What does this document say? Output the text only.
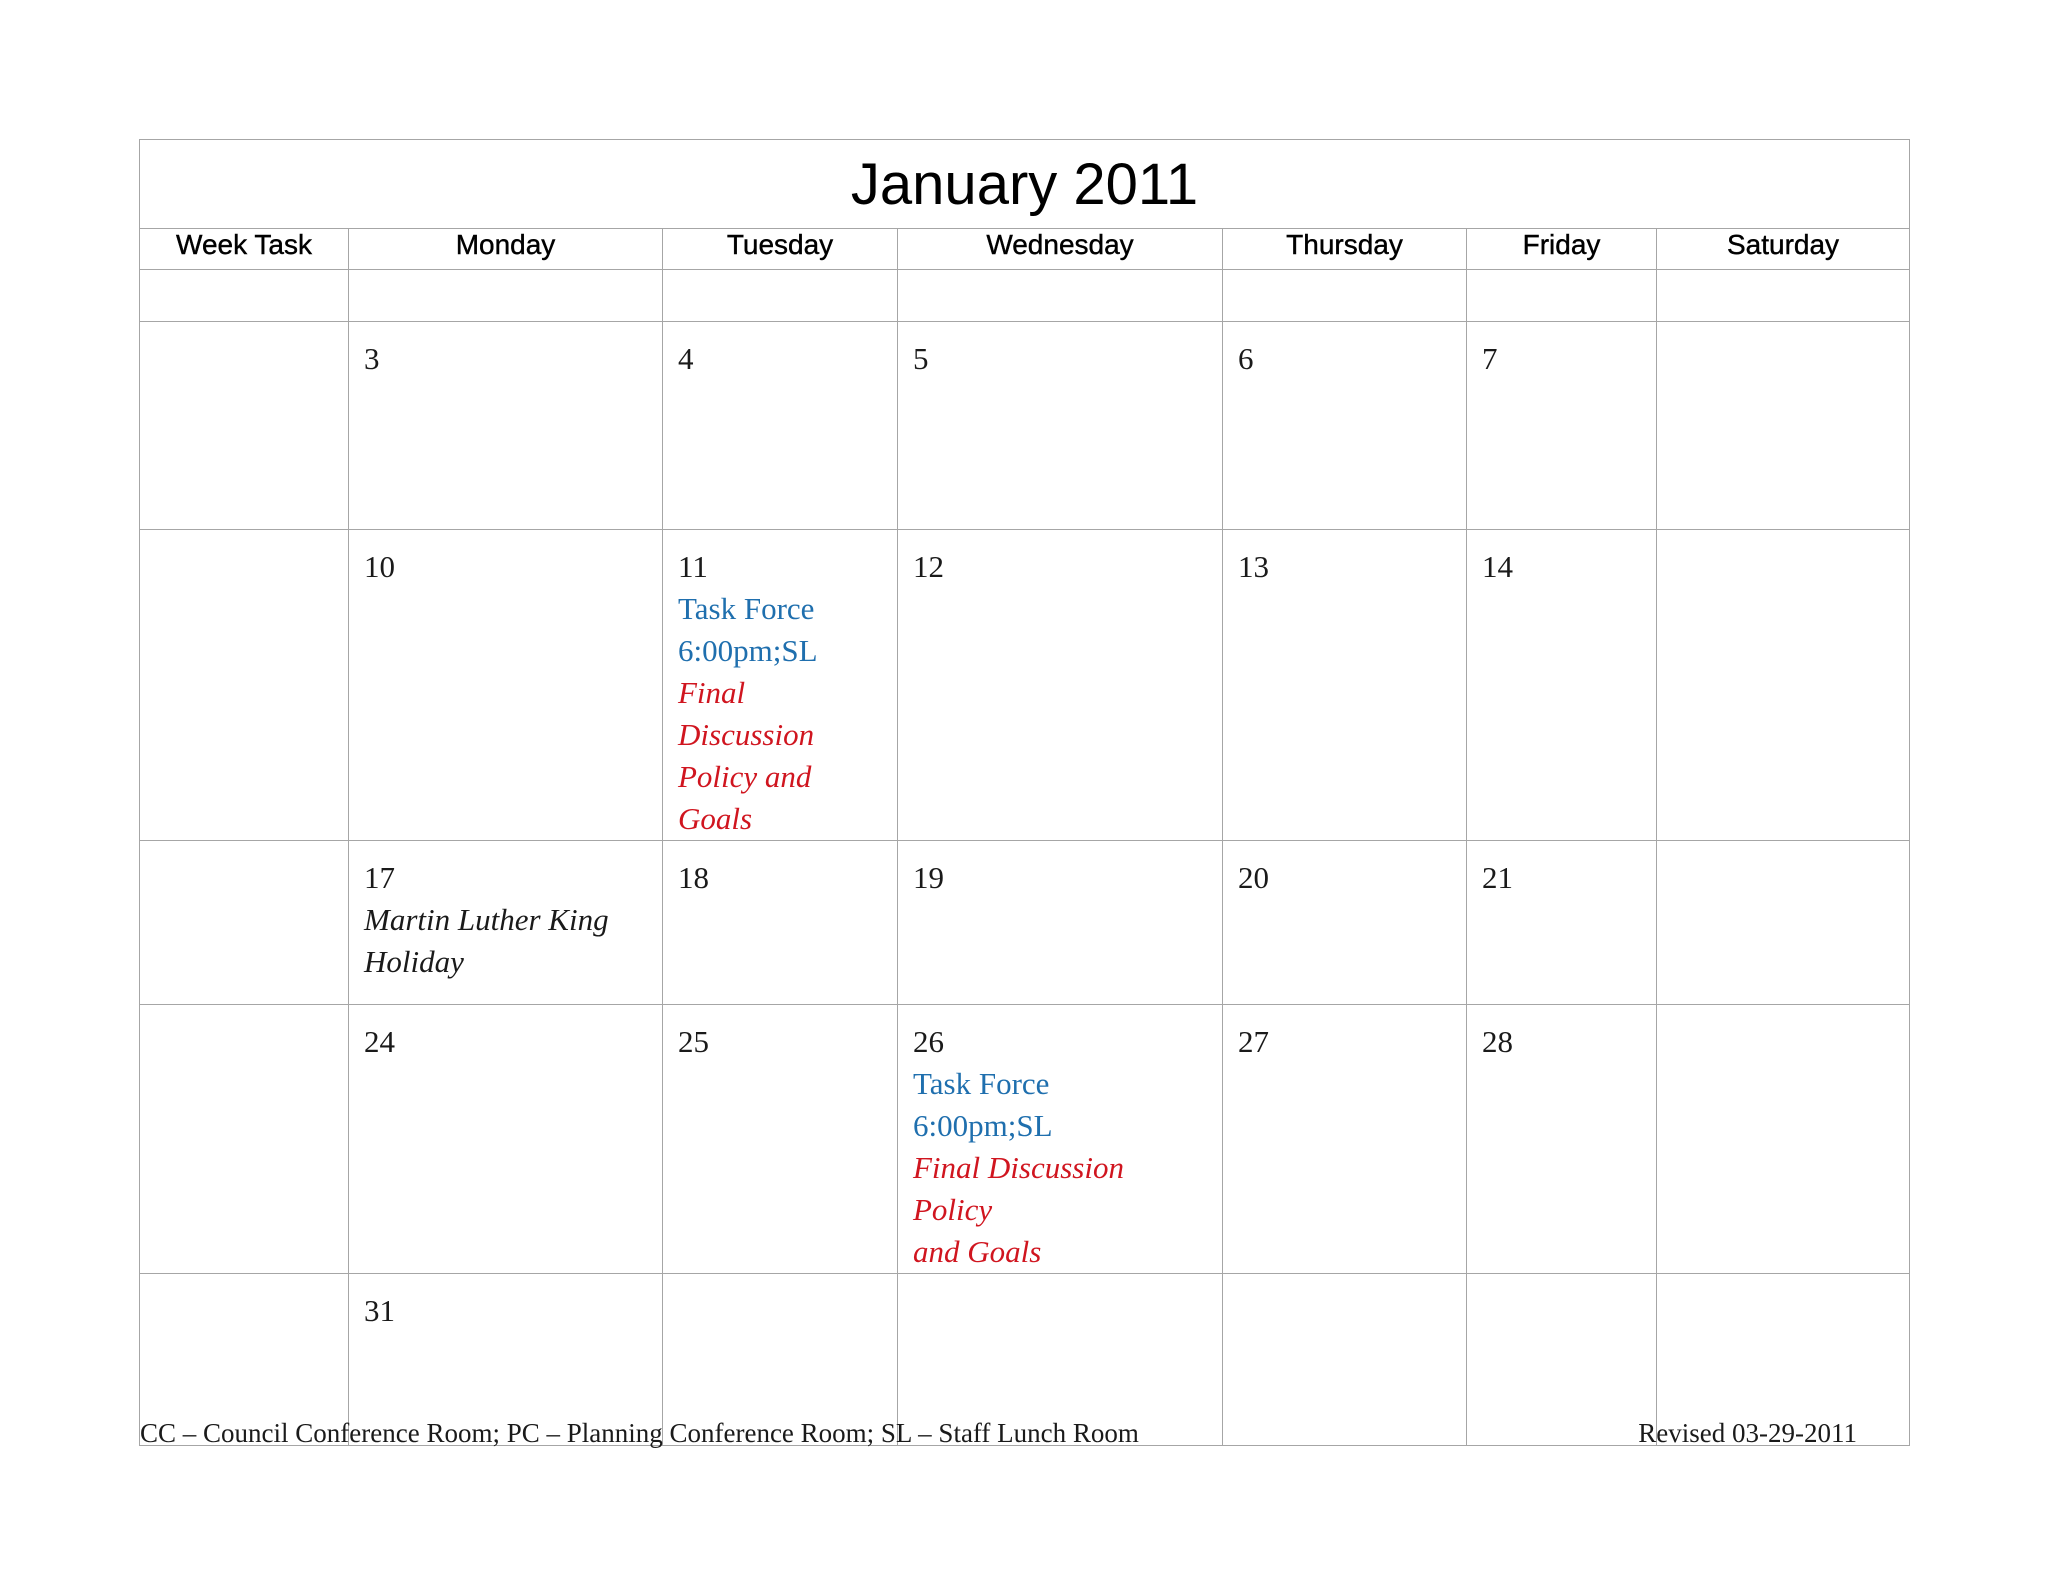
January 2011						
Week Task	Monday	Tuesday	Wednesday	Thursday	Friday	Saturday

	3	4	5	6	7	

	10	11
Task Force
6:00pm;SL
Final Discussion
Policy and Goals	12	13	14	

	17
Martin Luther King
Holiday	18	19	20	21	

	24	25	26
Task Force
6:00pm;SL
Final Discussion Policy
and Goals	27	28	

	31					

CC – Council Conference Room; PC – Planning Conference Room; SL – Staff Lunch Room	Revised 03-29-2011
